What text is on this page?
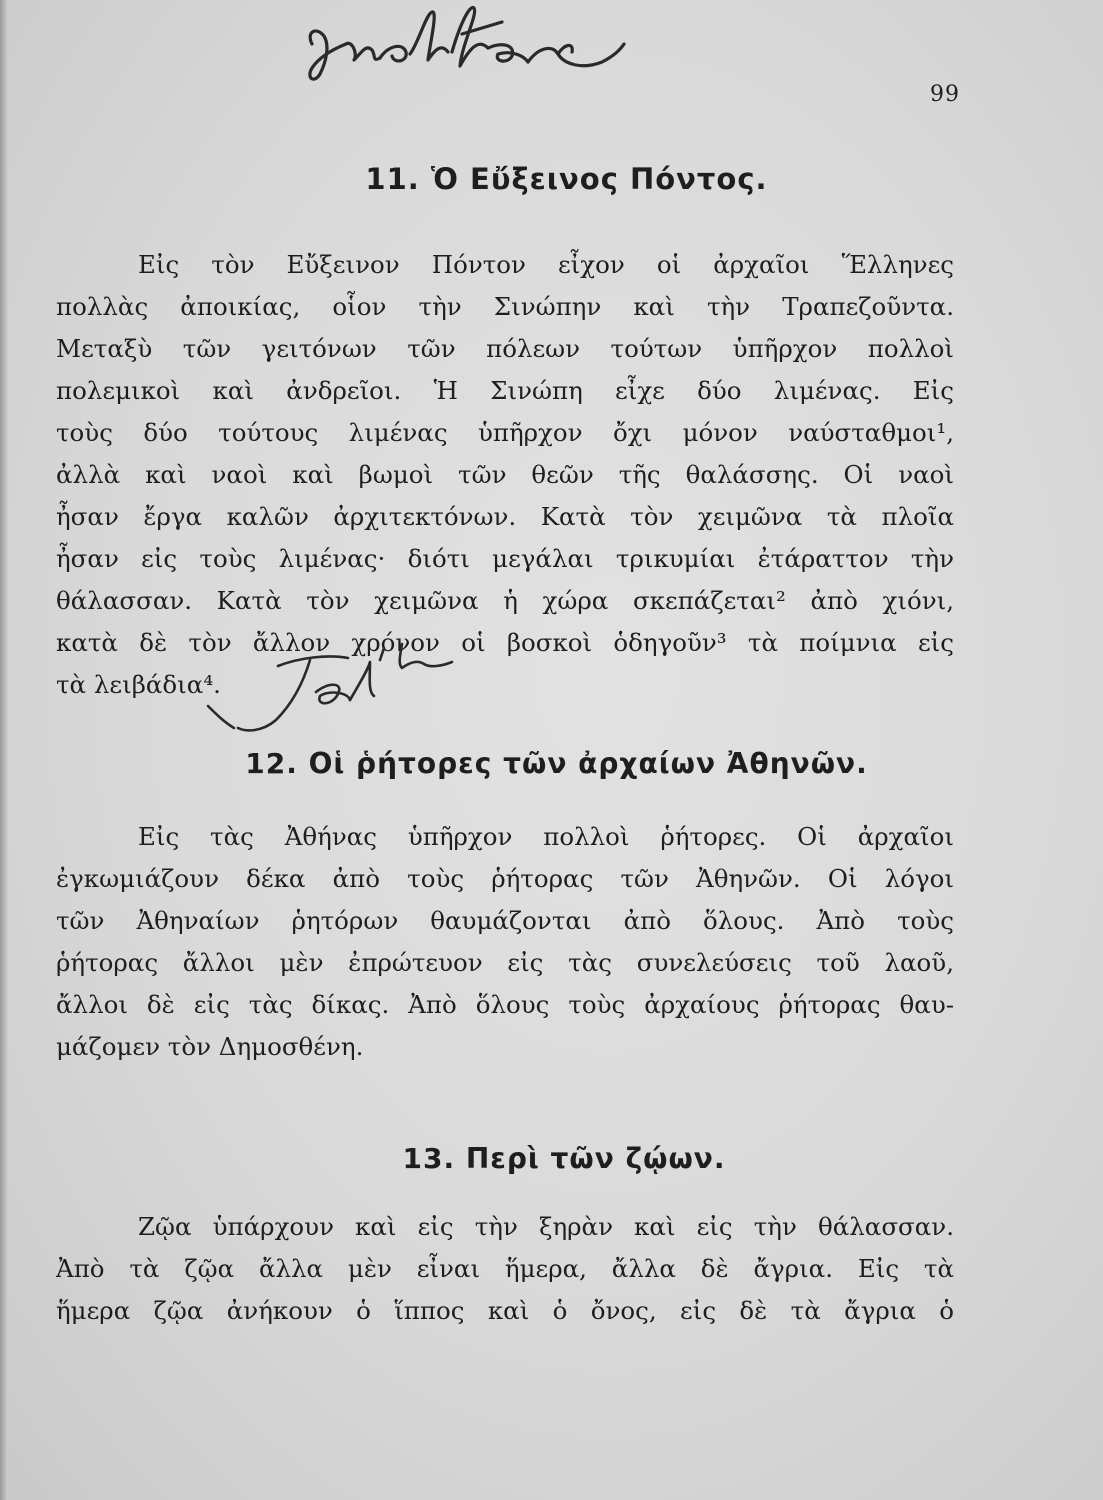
99
11. Ὁ Εὔξεινος Πόντος.
Εἰς τὸν Εὔξεινον Πόντον εἶχον οἱ ἀρχαῖοι Ἕλληνες
πολλὰς ἀποικίας, οἷον τὴν Σινώπην καὶ τὴν Τραπεζοῦντα.
Μεταξὺ τῶν γειτόνων τῶν πόλεων τούτων ὑπῆρχον πολλοὶ
πολεμικοὶ καὶ ἀνδρεῖοι. Ἡ Σινώπη εἶχε δύο λιμένας. Εἰς
τοὺς δύο τούτους λιμένας ὑπῆρχον ὄχι μόνον ναύσταθμοι¹,
ἀλλὰ καὶ ναοὶ καὶ βωμοὶ τῶν θεῶν τῆς θαλάσσης. Οἱ ναοὶ
ἦσαν ἔργα καλῶν ἀρχιτεκτόνων. Κατὰ τὸν χειμῶνα τὰ πλοῖα
ἦσαν εἰς τοὺς λιμένας· διότι μεγάλαι τρικυμίαι ἐτάραττον τὴν
θάλασσαν. Κατὰ τὸν χειμῶνα ἡ χώρα σκεπάζεται² ἀπὸ χιόνι,
κατὰ δὲ τὸν ἄλλον χρόνον οἱ βοσκοὶ ὁδηγοῦν³ τὰ ποίμνια εἰς
τὰ λειβάδια⁴.
12. Οἱ ῥήτορες τῶν ἀρχαίων Ἀθηνῶν.
Εἰς τὰς Ἀθήνας ὑπῆρχον πολλοὶ ῥήτορες. Οἱ ἀρχαῖοι
ἐγκωμιάζουν δέκα ἀπὸ τοὺς ῥήτορας τῶν Ἀθηνῶν. Οἱ λόγοι
τῶν Ἀθηναίων ῥητόρων θαυμάζονται ἀπὸ ὅλους. Ἀπὸ τοὺς
ῥήτορας ἄλλοι μὲν ἐπρώτευον εἰς τὰς συνελεύσεις τοῦ λαοῦ,
ἄλλοι δὲ εἰς τὰς δίκας. Ἀπὸ ὅλους τοὺς ἀρχαίους ῥήτορας θαυ-
μάζομεν τὸν Δημοσθένη.
13. Περὶ τῶν ζῴων.
Ζῷα ὑπάρχουν καὶ εἰς τὴν ξηρὰν καὶ εἰς τὴν θάλασσαν.
Ἀπὸ τὰ ζῷα ἄλλα μὲν εἶναι ἥμερα, ἄλλα δὲ ἄγρια. Εἰς τὰ
ἥμερα ζῷα ἀνήκουν ὁ ἵππος καὶ ὁ ὄνος, εἰς δὲ τὰ ἄγρια ὁ
